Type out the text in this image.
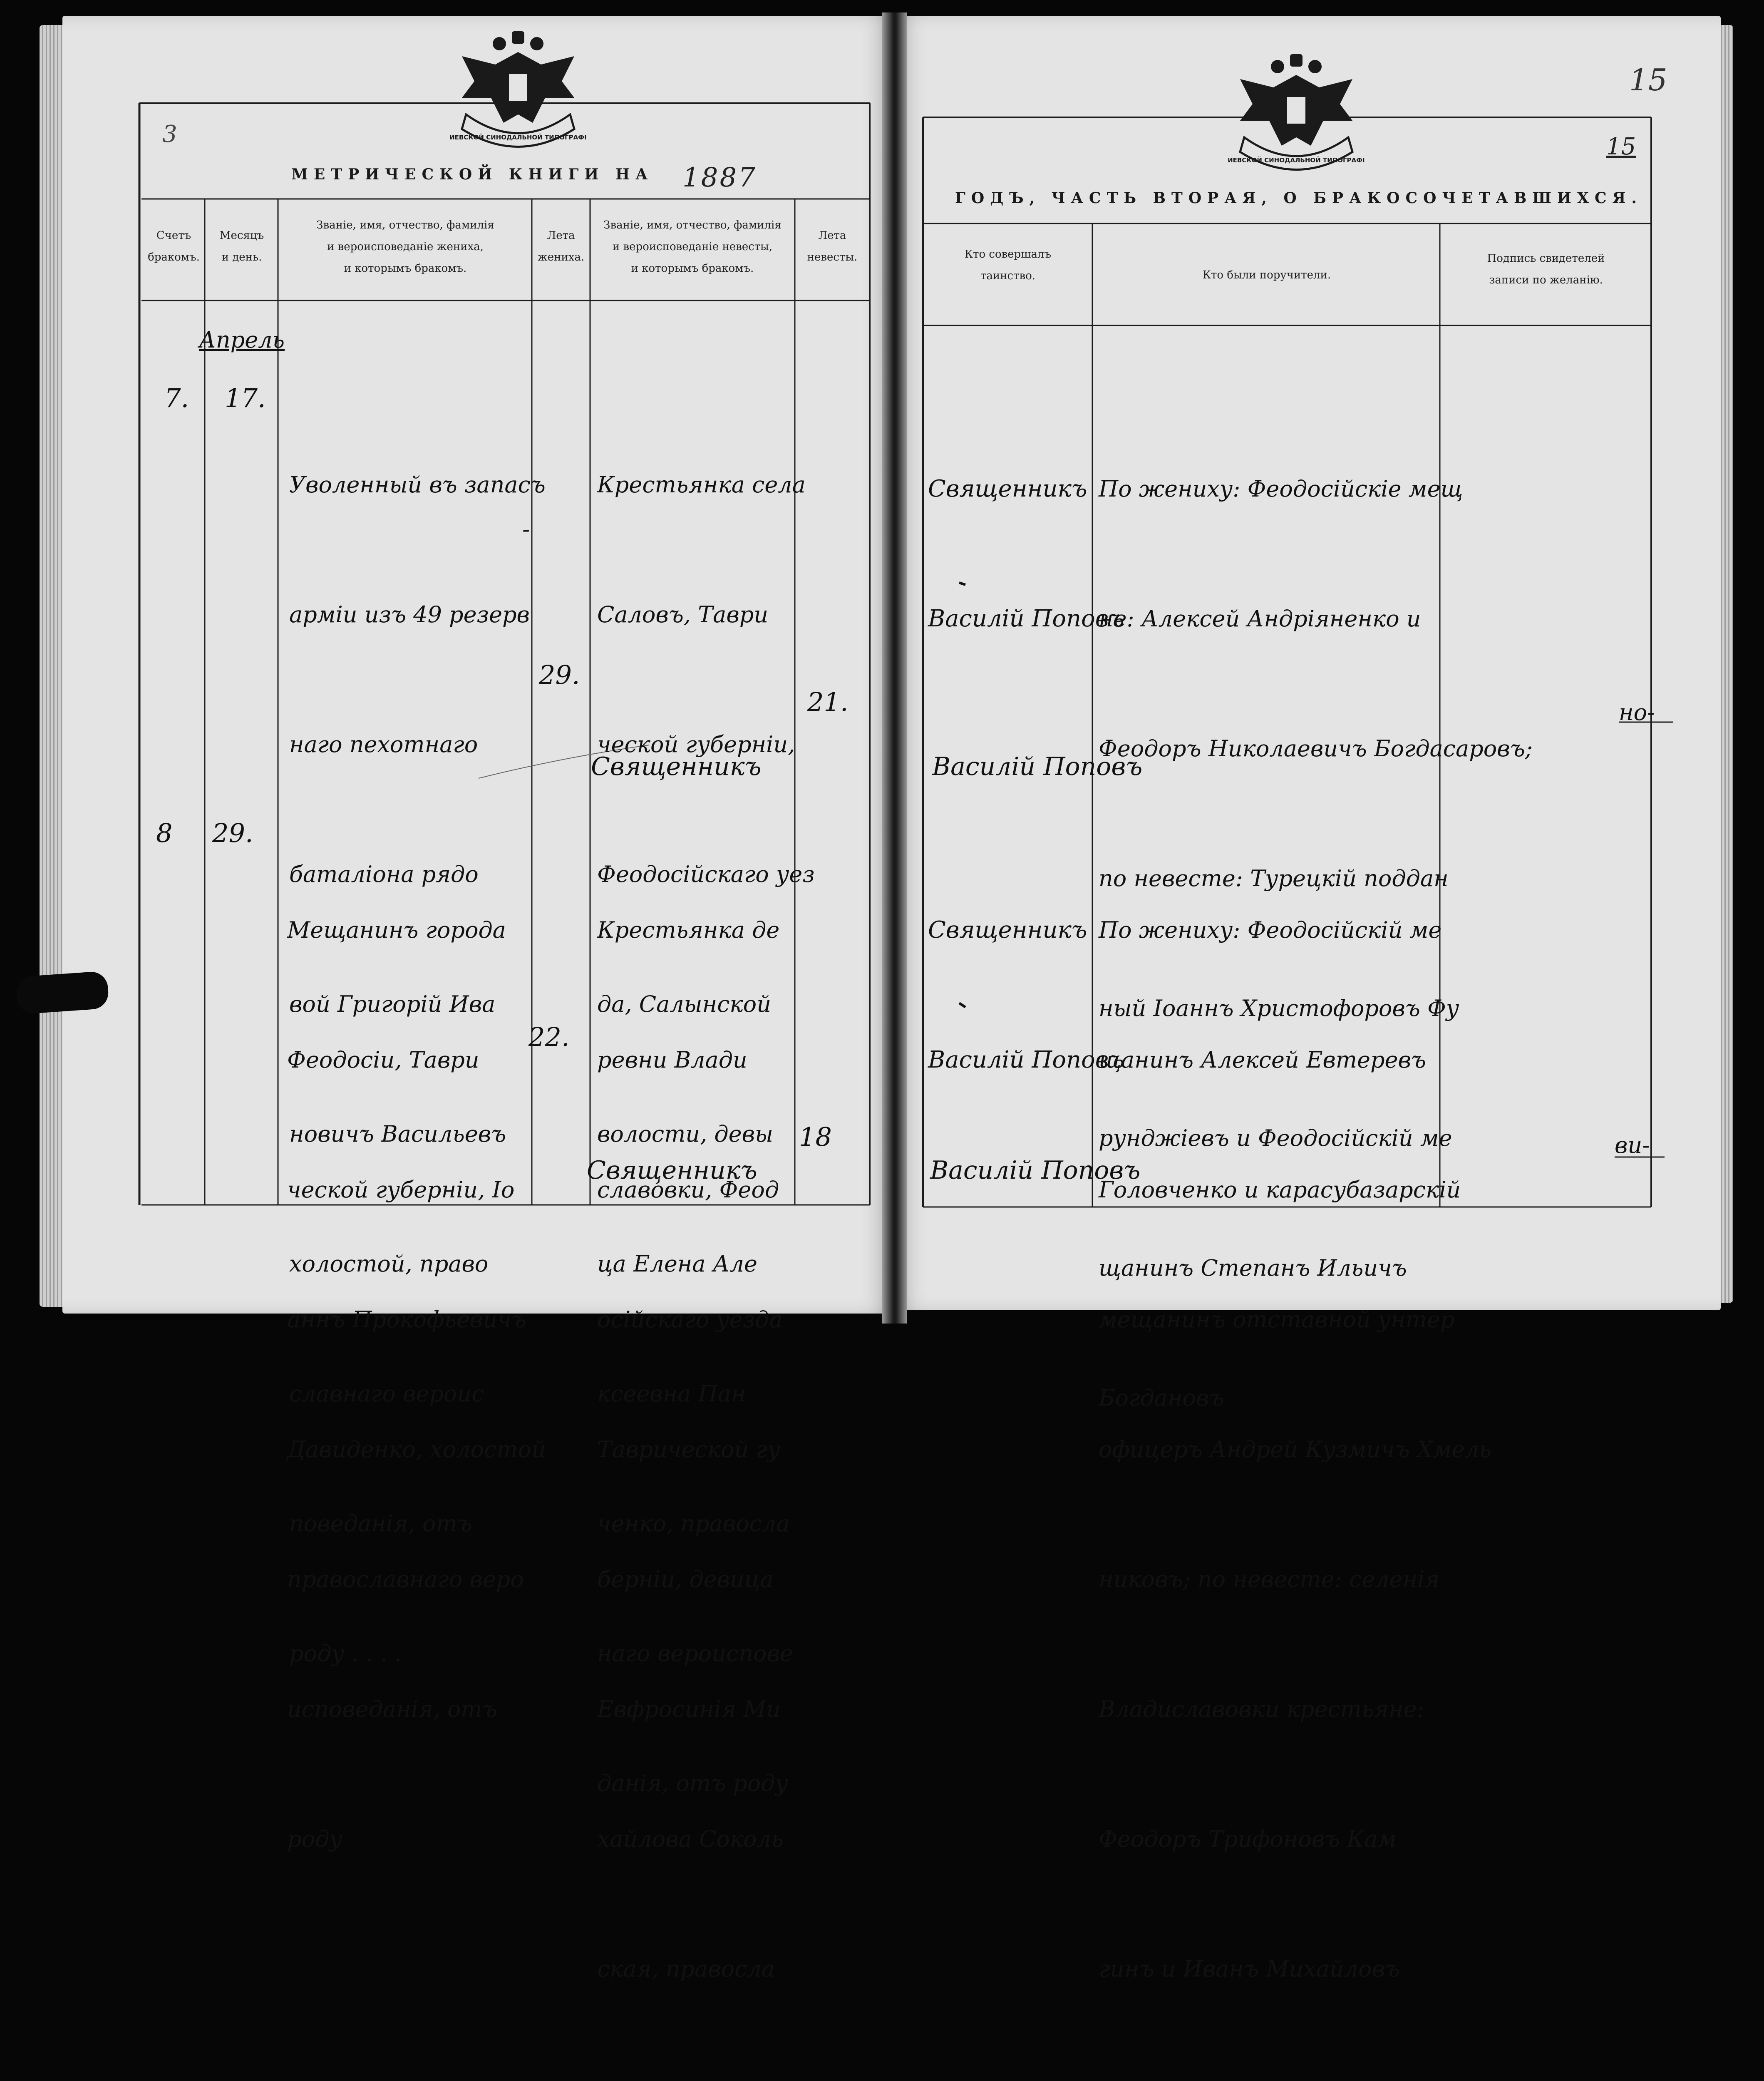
КИЕВСКОЙ СИНОДАЛЬНОЙ ТИПОГРАФІИ
КИЕВСКОЙ СИНОДАЛЬНОЙ ТИПОГРАФІИ
МЕТРИЧЕСКОЙ КНИГИ НА 1887
3
ГОДЪ, ЧАСТЬ ВТОРАЯ, О БРАКОСОЧЕТАВШИХСЯ.
15
15
Счетъ
бракомъ.
Месяцъ
и день.
Званіе, имя, отчество, фамилія
и вероисповеданіе жениха,
и которымъ бракомъ.
Лета
жениха.
Званіе, имя, отчество, фамилія
и вероисповеданіе невесты,
и которымъ бракомъ.
Лета
невесты.	Кто совершалъ
таинство.	Кто были поручители.
Подпись свидетелей
записи по желанію.
Апрель
7. 17.

Уволенный въ запасъ

арміи изъ 49 резерв

наго пехотнаго

баталіона рядо

вой Григорій Ива

новичъ Васильевъ

холостой, право

славнаго вероис

поведанія, отъ

роду . . . .

-
29.

Крестьянка села

Саловъ, Таври

ческой губерніи,

Феодосійскаго уез

да, Салынской

волости, девы

ца Елена Але

ксеевна Пан

ченко, правосла

наго вероиспове

данія, отъ роду

21.
Священникъ
8 29.

Мещанинъ города

Феодосіи, Таври

ческой губерніи, Іо

аннъ Прокофьевичъ

Давиденко, холостой

православнаго веро

исповеданія, отъ

роду

22.

Крестьянка де

ревни Влади

славовки, Феод

осійскаго уезда

Таврической гу

берніи, девица

Евфросинія Ми

хайлова Соколь

ская, правосла

18
Священникъ

Священникъ

Василій Поповъ

По жениху: Феодосійскіе мещ

не: Алексей Андріяненко и

Феодоръ Николаевичъ Богдасаровъ;

по невесте: Турецкій поддан

ный Іоаннъ Христофоровъ Фу

рунджіевъ и Феодосійскій ме

щанинъ Степанъ Ильичъ

Богдановъ

Василій Поповъ
но-

Священникъ

Василій Поповъ

По жениху: Феодосійскій ме

щанинъ Алексей Евтеревъ

Головченко и карасубазарскій

мещанинъ отставной унтер

офицеръ Андрей Кузмичъ Хмель

никовъ; по невесте: селенія

Владиславовки крестьяне:

Феодоръ Трифоновъ Кам

гинъ и Иванъ Михайловъ

Василій Поповъ
ви-
